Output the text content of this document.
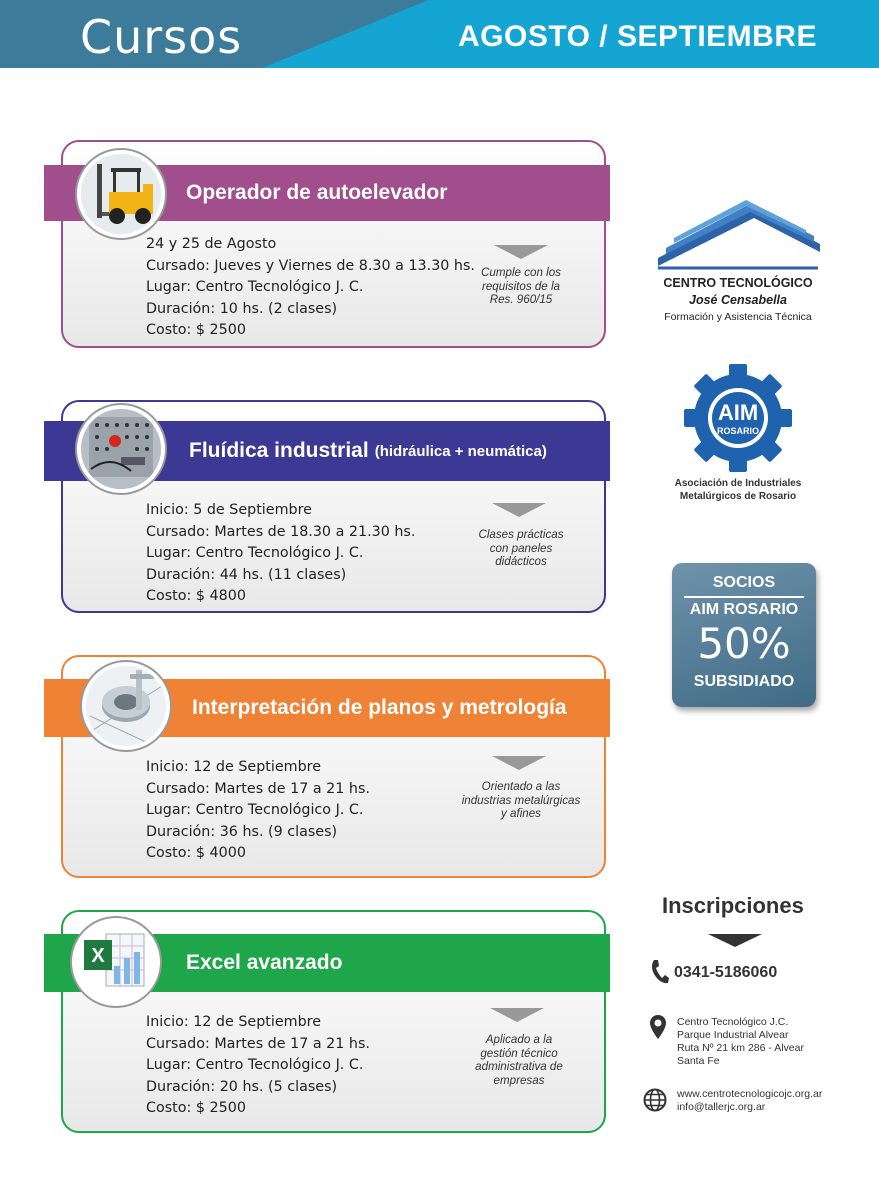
Cursos	AGOSTO / SEPTIEMBRE
Operador de autoelevador
24 y 25 de Agosto
Cursado: Jueves y Viernes de 8.30 a 13.30 hs.
Lugar: Centro Tecnológico J. C.
Duración: 10 hs. (2 clases)
Costo: $ 2500
Cumple con los
requisitos de la
Res. 960/15
Fluídica industrial (hidráulica + neumática)
Inicio: 5 de Septiembre
Cursado: Martes de 18.30 a 21.30 hs.
Lugar: Centro Tecnológico J. C.
Duración: 44 hs. (11 clases)
Costo: $ 4800
Clases prácticas
con paneles
didácticos
Interpretación de planos y metrología
Inicio: 12 de Septiembre
Cursado: Martes de 17 a 21 hs.
Lugar: Centro Tecnológico J. C.
Duración: 36 hs. (9 clases)
Costo: $ 4000
Orientado a las
industrias metalúrgicas
y afines
Excel avanzado
X
Inicio: 12 de Septiembre
Cursado: Martes de 17 a 21 hs.
Lugar: Centro Tecnológico J. C.
Duración: 20 hs. (5 clases)
Costo: $ 2500
Aplicado a la
gestión técnico
administrativa de
empresas
CENTRO TECNOLÓGICO
José Censabella
Formación y Asistencia Técnica
AIM
ROSARIO
Asociación de Industriales
Metalúrgicos de Rosario
SOCIOS
AIM ROSARIO
50%
SUBSIDIADO
Inscripciones
0341-5186060
Centro Tecnológico J.C.
Parque Industrial Alvear
Ruta Nº 21 km 286 - Alvear
Santa Fe
www.centrotecnologicojc.org.ar
info@tallerjc.org.ar
